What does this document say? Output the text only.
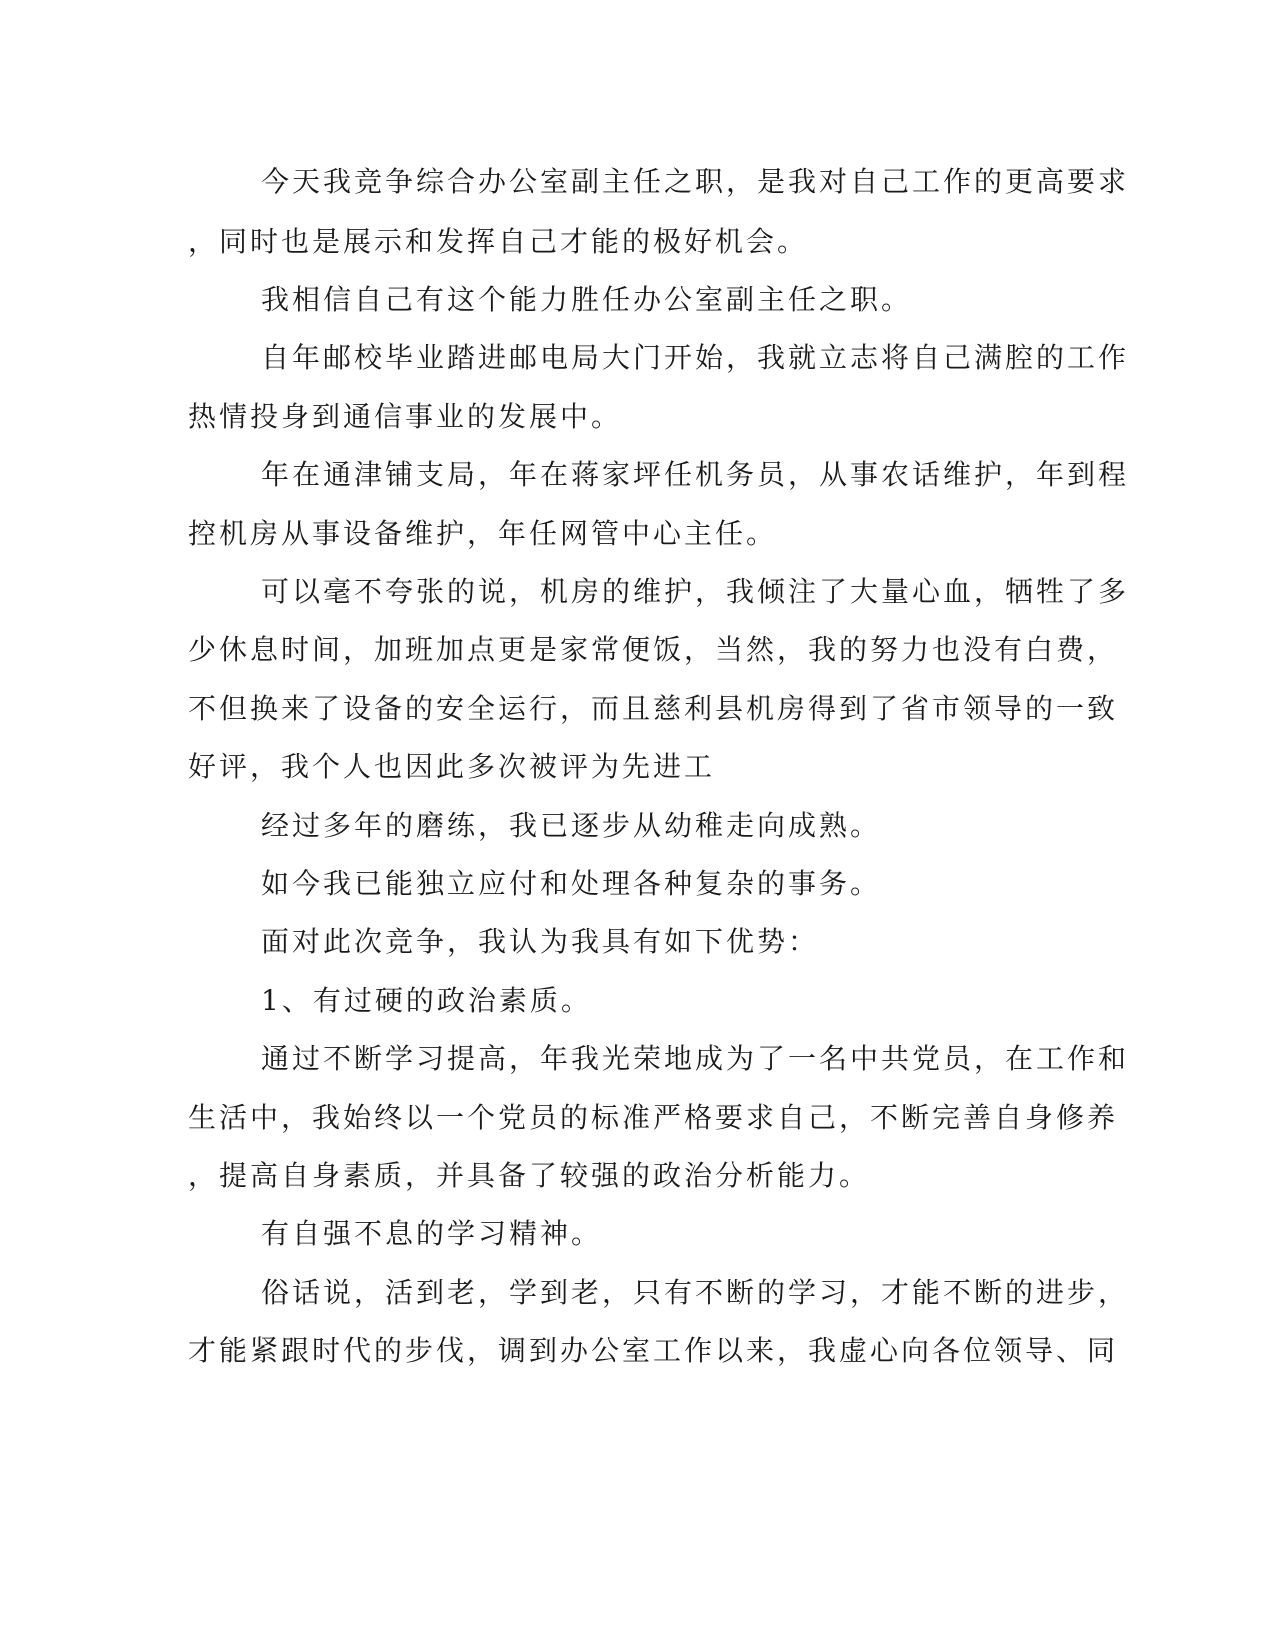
今天我竞争综合办公室副主任之职，是我对自己工作的更高要求
，同时也是展示和发挥自己才能的极好机会。
我相信自己有这个能力胜任办公室副主任之职。
自年邮校毕业踏进邮电局大门开始，我就立志将自己满腔的工作
热情投身到通信事业的发展中。
年在通津铺支局，年在蒋家坪任机务员，从事农话维护，年到程
控机房从事设备维护，年任网管中心主任。
可以毫不夸张的说，机房的维护，我倾注了大量心血，牺牲了多
少休息时间，加班加点更是家常便饭，当然，我的努力也没有白费，
不但换来了设备的安全运行，而且慈利县机房得到了省市领导的一致
好评，我个人也因此多次被评为先进工
经过多年的磨练，我已逐步从幼稚走向成熟。
如今我已能独立应付和处理各种复杂的事务。
面对此次竞争，我认为我具有如下优势：
1、有过硬的政治素质。
通过不断学习提高，年我光荣地成为了一名中共党员，在工作和
生活中，我始终以一个党员的标准严格要求自己，不断完善自身修养
，提高自身素质，并具备了较强的政治分析能力。
有自强不息的学习精神。
俗话说，活到老，学到老，只有不断的学习，才能不断的进步，
才能紧跟时代的步伐，调到办公室工作以来，我虚心向各位领导、同
